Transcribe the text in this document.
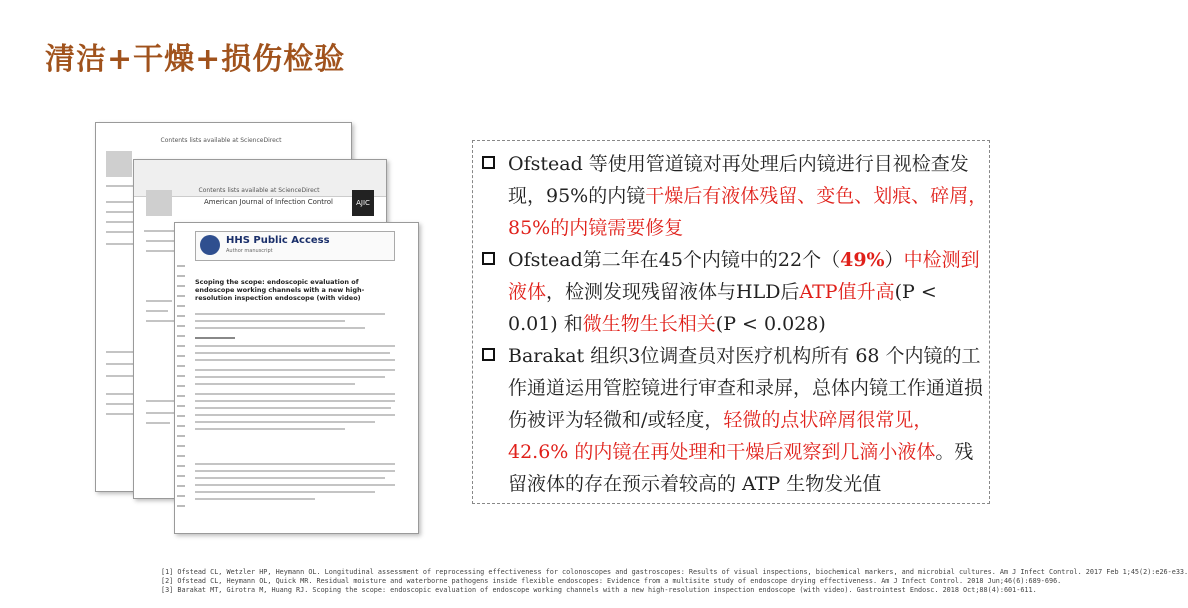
清洁+干燥+损伤检验
Contents lists available at ScienceDirect
Contents lists available at ScienceDirect
American Journal of Infection Control	AJIC
HHS Public Access
Author manuscript
Scoping the scope: endoscopic evaluation of endoscope working channels with a new high-resolution inspection endoscope (with video)
Ofstead 等使用管道镜对再处理后内镜进行目视检查发现，95%的内镜干燥后有液体残留、变色、划痕、碎屑，85%的内镜需要修复
Ofstead第二年在45个内镜中的22个（49%）中检测到液体，检测发现残留液体与HLD后ATP值升高(P < 0.01) 和微生物生长相关(P < 0.028)
Barakat 组织3位调查员对医疗机构所有 68 个内镜的工作通道运用管腔镜进行审查和录屏，总体内镜工作通道损伤被评为轻微和/或轻度，轻微的点状碎屑很常见，42.6% 的内镜在再处理和干燥后观察到几滴小液体。残留液体的存在预示着较高的 ATP 生物发光值
[1] Ofstead CL, Wetzler HP, Heymann OL. Longitudinal assessment of reprocessing effectiveness for colonoscopes and gastroscopes: Results of visual inspections, biochemical markers, and microbial cultures. Am J Infect Control. 2017 Feb 1;45(2):e26-e33.
[2] Ofstead CL, Heymann OL, Quick MR. Residual moisture and waterborne pathogens inside flexible endoscopes: Evidence from a multisite study of endoscope drying effectiveness. Am J Infect Control. 2018 Jun;46(6):689-696.
[3] Barakat MT, Girotra M, Huang RJ. Scoping the scope: endoscopic evaluation of endoscope working channels with a new high-resolution inspection endoscope (with video). Gastrointest Endosc. 2018 Oct;88(4):601-611.
